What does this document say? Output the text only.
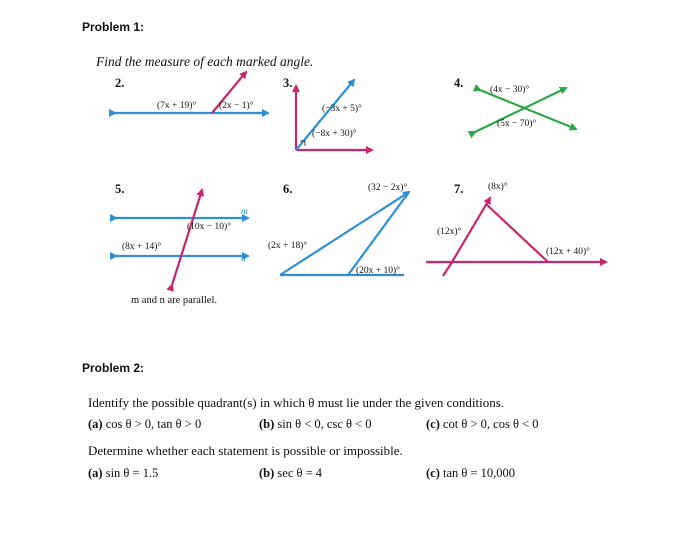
Problem 1:
Find the measure of each marked angle.
2.	3.	4.
5.	6.	7.
(7x + 19)° (2x − 1)°	(−3x + 5)°
(−8x + 30)°
(4x − 30)°
(5x − 70)°
(10x − 10)°
(8x + 14)°
m
n
m and n are parallel.
(32 − 2x)°
(2x + 18)°
(20x + 10)°
(8x)°
(12x)°
(12x + 40)°
Problem 2:
Identify the possible quadrant(s) in which θ must lie under the given conditions.
(a) cos θ > 0, tan θ > 0	(b) sin θ < 0, csc θ < 0	(c) cot θ > 0, cos θ < 0
Determine whether each statement is possible or impossible.
(a) sin θ = 1.5	(b) sec θ = 4	(c) tan θ = 10,000
